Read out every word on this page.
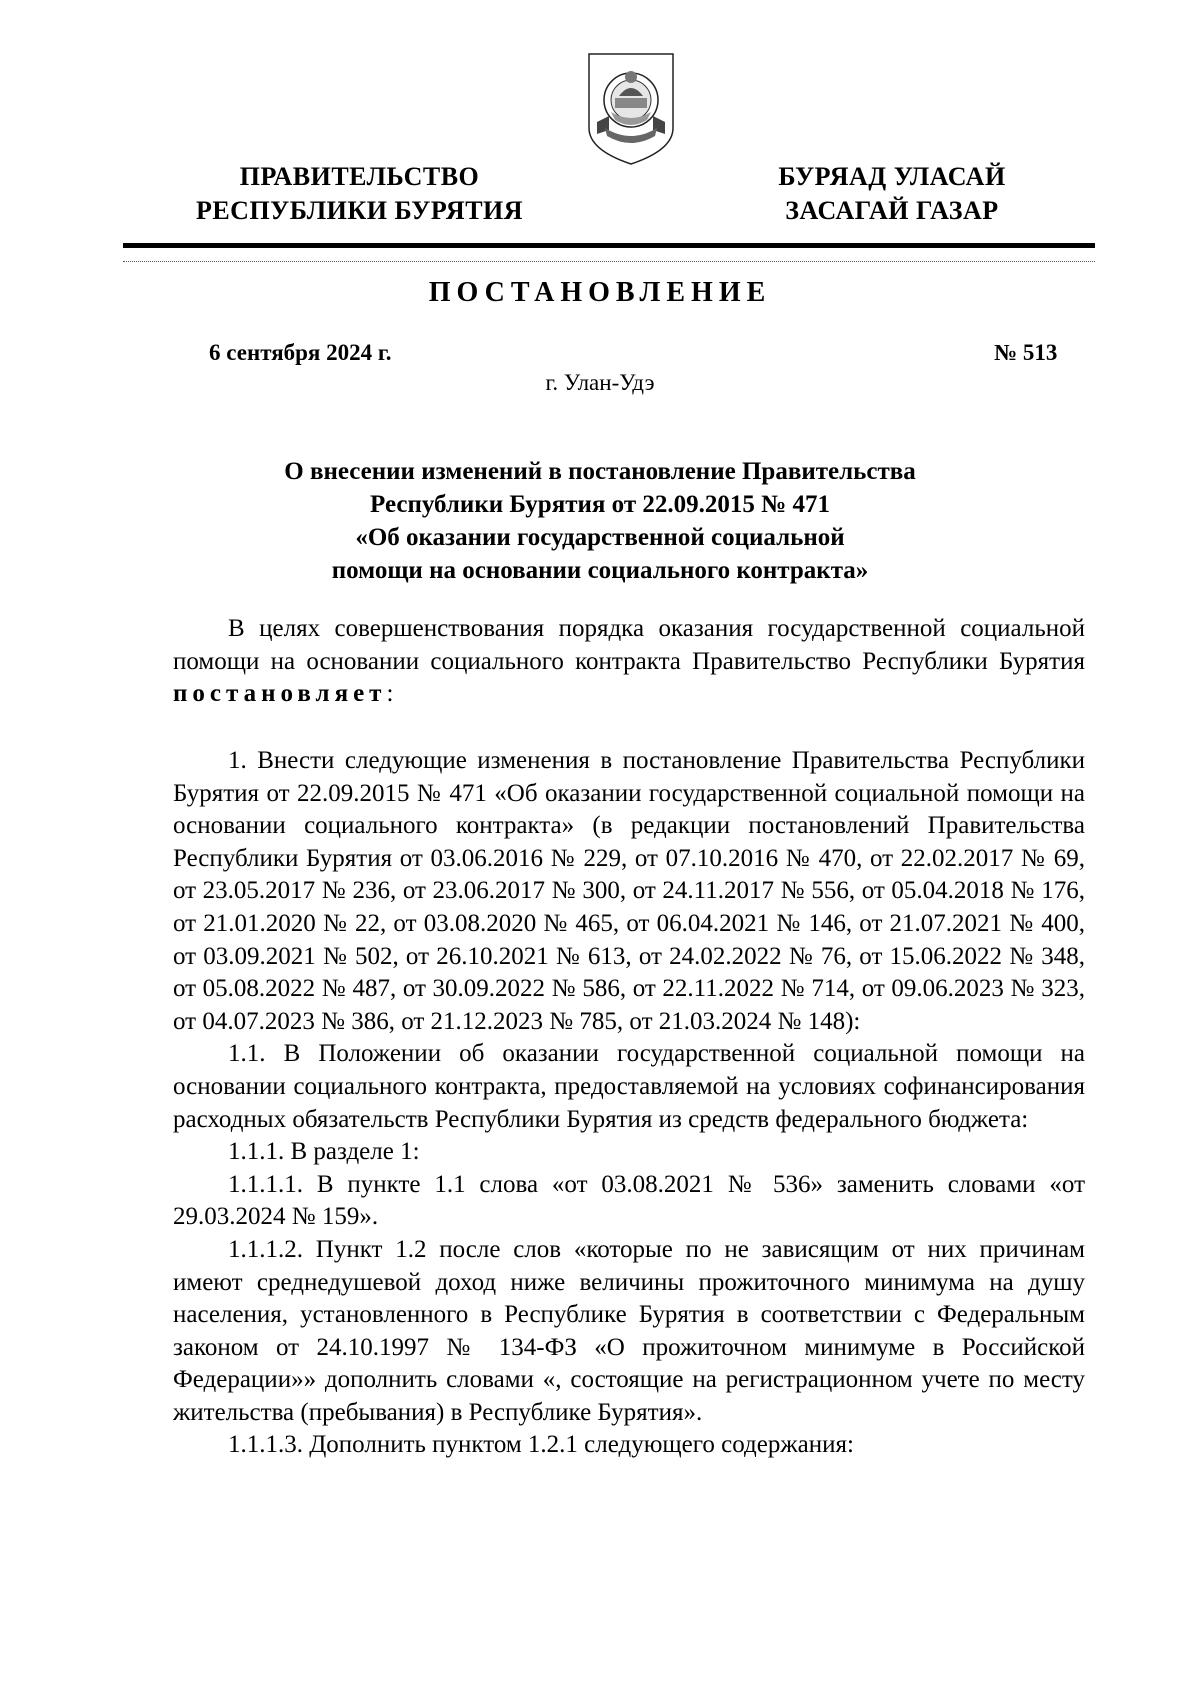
ПРАВИТЕЛЬСТВО
РЕСПУБЛИКИ БУРЯТИЯ
БУРЯАД УЛАСАЙ
ЗАСАГАЙ ГАЗАР
ПОСТАНОВЛЕНИЕ
6 сентября 2024 г.	№ 513
г. Улан-Удэ
О внесении изменений в постановление Правительства
Республики Бурятия от 22.09.2015 № 471
«Об оказании государственной социальной
помощи на основании социального контракта»

В целях совершенствования порядка оказания государственной социальной помощи на основании социального контракта Правительство Республики Бурятия постановляет:

1. Внести следующие изменения в постановление Правительства Республики Бурятия от 22.09.2015 № 471 «Об оказании государственной социальной помощи на основании социального контракта» (в редакции постановлений Правительства Республики Бурятия от 03.06.2016 № 229, от 07.10.2016 № 470, от 22.02.2017 № 69, от 23.05.2017 № 236, от 23.06.2017 № 300, от 24.11.2017 № 556, от 05.04.2018 № 176, от 21.01.2020 № 22, от 03.08.2020 № 465, от 06.04.2021 № 146, от 21.07.2021 № 400, от 03.09.2021 № 502, от 26.10.2021 № 613, от 24.02.2022 № 76, от 15.06.2022 № 348, от 05.08.2022 № 487, от 30.09.2022 № 586, от 22.11.2022 № 714, от 09.06.2023 № 323, от 04.07.2023 № 386, от 21.12.2023 № 785, от 21.03.2024 № 148):

1.1. В Положении об оказании государственной социальной помощи на основании социального контракта, предоставляемой на условиях софинансирования расходных обязательств Республики Бурятия из средств федерального бюджета:

1.1.1. В разделе 1:

1.1.1.1. В пункте 1.1 слова «от 03.08.2021 № 536» заменить словами «от 29.03.2024 № 159».

1.1.1.2. Пункт 1.2 после слов «которые по не зависящим от них причинам имеют среднедушевой доход ниже величины прожиточного минимума на душу населения, установленного в Республике Бурятия в соответствии с Федеральным законом от 24.10.1997 № 134-ФЗ «О прожиточном минимуме в Российской Федерации»» дополнить словами «, состоящие на регистрационном учете по месту жительства (пребывания) в Республике Бурятия».

1.1.1.3. Дополнить пунктом 1.2.1 следующего содержания:
